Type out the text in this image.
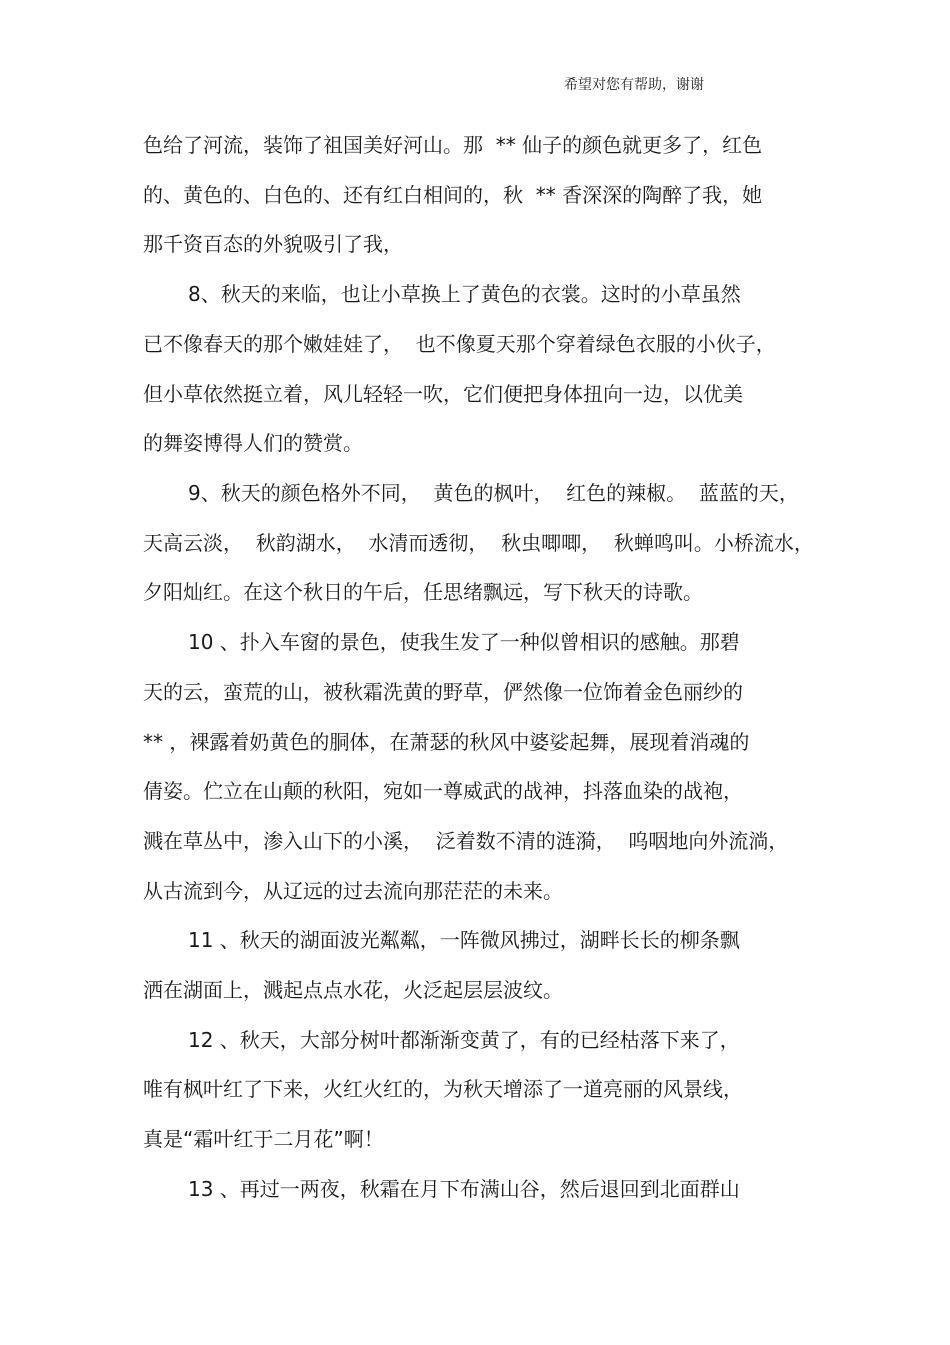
希望对您有帮助，谢谢
色给了河流，装饰了祖国美好河山。那  ** 仙子的颜色就更多了，红色
的、黄色的、白色的、还有红白相间的，秋  ** 香深深的陶醉了我，她
那千资百态的外貌吸引了我，
8、秋天的来临，也让小草换上了黄色的衣裳。这时的小草虽然
已不像春天的那个嫩娃娃了，  也不像夏天那个穿着绿色衣服的小伙子，
但小草依然挺立着，风儿轻轻一吹，它们便把身体扭向一边，以优美
的舞姿博得人们的赞赏。
9、秋天的颜色格外不同，  黄色的枫叶，  红色的辣椒。  蓝蓝的天，
天高云淡，  秋韵湖水，  水清而透彻，  秋虫唧唧，  秋蝉鸣叫。小桥流水，
夕阳灿红。在这个秋日的午后，任思绪飘远，写下秋天的诗歌。
10 、扑入车窗的景色，使我生发了一种似曾相识的感触。那碧
天的云，蛮荒的山，被秋霜洗黄的野草，俨然像一位饰着金色丽纱的
** ，裸露着奶黄色的胴体，在萧瑟的秋风中婆娑起舞，展现着消魂的
倩姿。伫立在山颠的秋阳，宛如一尊威武的战神，抖落血染的战袍，
溅在草丛中，渗入山下的小溪，  泛着数不清的涟漪，  呜咽地向外流淌，
从古流到今，从辽远的过去流向那茫茫的未来。
11 、秋天的湖面波光粼粼，一阵微风拂过，湖畔长长的柳条飘
洒在湖面上，溅起点点水花，火泛起层层波纹。
12 、秋天，大部分树叶都渐渐变黄了，有的已经枯落下来了，
唯有枫叶红了下来，火红火红的，为秋天增添了一道亮丽的风景线，
真是“霜叶红于二月花”啊！
13 、再过一两夜，秋霜在月下布满山谷，然后退回到北面群山
